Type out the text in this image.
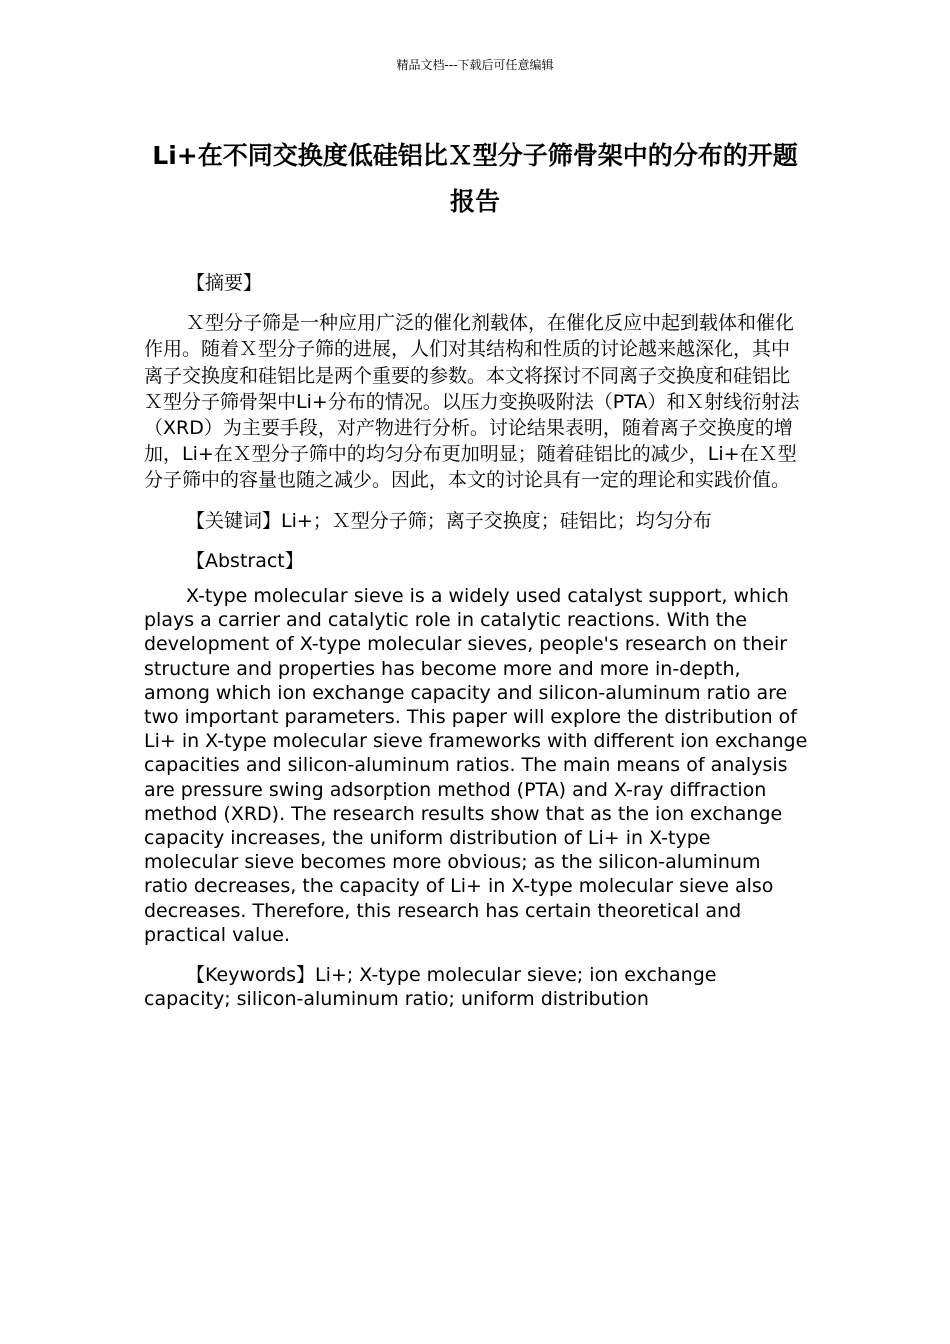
精品文档---下载后可任意编辑
Li+在不同交换度低硅铝比Ｘ型分子筛骨架中的分布的开题报告

【摘要】

Ｘ型分子筛是一种应用广泛的催化剂载体，在催化反应中起到载体和催化作用。随着Ｘ型分子筛的进展，人们对其结构和性质的讨论越来越深化，其中离子交换度和硅铝比是两个重要的参数。本文将探讨不同离子交换度和硅铝比Ｘ型分子筛骨架中Li+分布的情况。以压力变换吸附法（PTA）和Ｘ射线衍射法（XRD）为主要手段，对产物进行分析。讨论结果表明，随着离子交换度的增加，Li+在Ｘ型分子筛中的均匀分布更加明显；随着硅铝比的减少，Li+在Ｘ型分子筛中的容量也随之减少。因此，本文的讨论具有一定的理论和实践价值。

【关键词】Li+；Ｘ型分子筛；离子交换度；硅铝比；均匀分布

【Abstract】

X-type molecular sieve is a widely used catalyst support, which plays a carrier and catalytic role in catalytic reactions. With the development of X-type molecular sieves, people's research on their structure and properties has become more and more in-depth, among which ion exchange capacity and silicon-aluminum ratio are two important parameters. This paper will explore the distribution of Li+ in X-type molecular sieve frameworks with different ion exchange capacities and silicon-aluminum ratios. The main means of analysis are pressure swing adsorption method (PTA) and X-ray diffraction method (XRD). The research results show that as the ion exchange capacity increases, the uniform distribution of Li+ in X-type molecular sieve becomes more obvious; as the silicon-aluminum ratio decreases, the capacity of Li+ in X-type molecular sieve also decreases. Therefore, this research has certain theoretical and practical value.

【Keywords】Li+; X-type molecular sieve; ion exchange capacity; silicon-aluminum ratio; uniform distribution
